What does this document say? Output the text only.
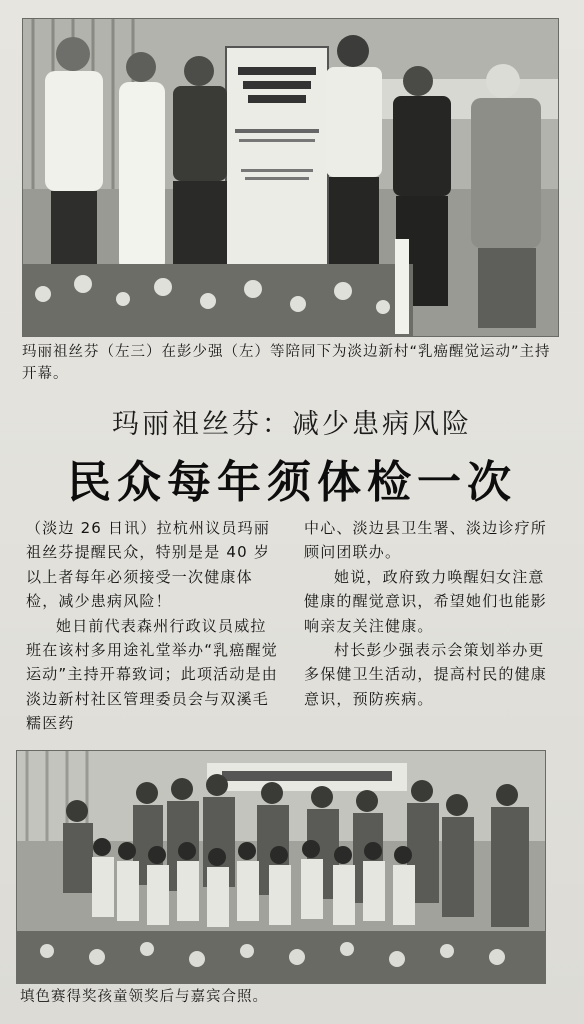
玛丽祖丝芬（左三）在彭少强（左）等陪同下为淡边新村“乳癌醒觉运动”主持开幕。
玛丽祖丝芬：减少患病风险
民众每年须体检一次

（淡边 26 日讯）拉杭州议员玛丽祖丝芬提醒民众，特别是是 40 岁以上者每年必须接受一次健康体检，减少患病风险！

她日前代表森州行政议员威拉班在该村多用途礼堂举办“乳癌醒觉运动”主持开幕致词；此项活动是由淡边新村社区管理委员会与双溪毛糯医药

中心、淡边县卫生署、淡边诊疗所顾问团联办。

她说，政府致力唤醒妇女注意健康的醒觉意识，希望她们也能影响亲友关注健康。

村长彭少强表示会策划举办更多保健卫生活动，提高村民的健康意识，预防疾病。

填色赛得奖孩童领奖后与嘉宾合照。
